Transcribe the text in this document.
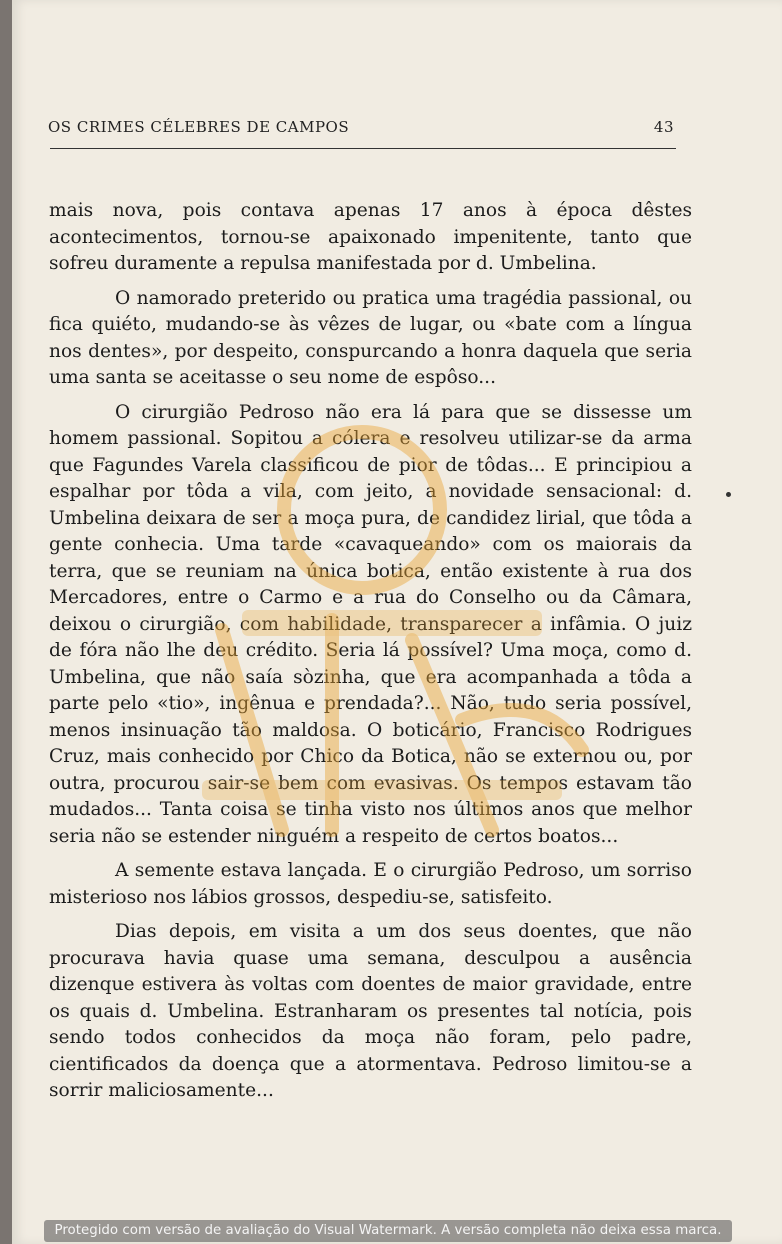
OS CRIMES CÉLEBRES DE CAMPOS	43

mais nova, pois contava apenas 17 anos à época dêstes acontecimentos, tornou-se apaixonado impenitente, tanto que sofreu duramente a repulsa manifestada por d. Umbelina.

O namorado preterido ou pratica uma tragédia passional, ou fica quiéto, mudando-se às vêzes de lugar, ou «bate com a língua nos dentes», por despeito, conspurcando a honra daquela que seria uma santa se aceitasse o seu nome de espôso...

O cirurgião Pedroso não era lá para que se dissesse um homem passional. Sopitou a cólera e resolveu utilizar-se da arma que Fagundes Varela classificou de pior de tôdas... E principiou a espalhar por tôda a vila, com jeito, a novidade sensacional: d. Umbelina deixara de ser a moça pura, de candidez lirial, que tôda a gente conhecia. Uma tarde «cavaqueando» com os maiorais da terra, que se reuniam na única botica, então existente à rua dos Mercadores, entre o Carmo e a rua do Conselho ou da Câmara, deixou o cirurgião, com habilidade, transparecer a infâmia. O juiz de fóra não lhe deu crédito. Seria lá possível? Uma moça, como d. Umbelina, que não saía sòzinha, que era acompanhada a tôda a parte pelo «tio», ingênua e prendada?... Não, tudo seria possível, menos insinuação tão maldosa. O boticário, Francisco Rodrigues Cruz, mais conhecido por Chico da Botica, não se externou ou, por outra, procurou sair-se bem com evasivas. Os tempos estavam tão mudados... Tanta coisa se tinha visto nos últimos anos que melhor seria não se estender ninguém a respeito de certos boatos...

A semente estava lançada. E o cirurgião Pedroso, um sorriso misterioso nos lábios grossos, despediu-se, satisfeito.

Dias depois, em visita a um dos seus doentes, que não procurava havia quase uma semana, desculpou a ausência dizenque estivera às voltas com doentes de maior gravidade, entre os quais d. Umbelina. Estranharam os presentes tal notícia, pois sendo todos conhecidos da moça não foram, pelo padre, cientificados da doença que a atormentava. Pedroso limitou-se a sorrir maliciosamente...

Protegido com versão de avaliação do Visual Watermark. A versão completa não deixa essa marca.
